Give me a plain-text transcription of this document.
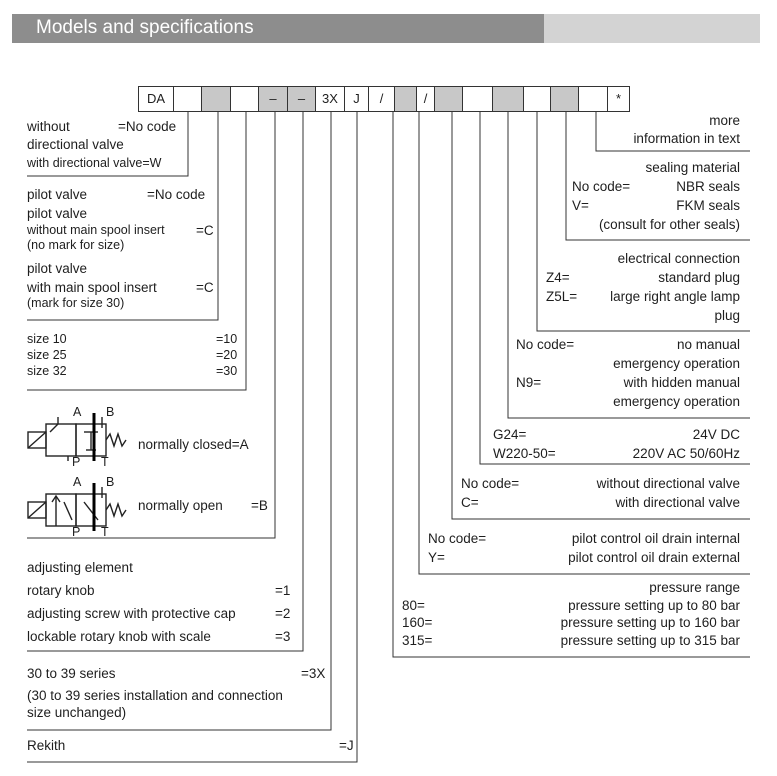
Models and specifications
DA	–	–	3X	J	/	/	*
without	=No code
directional valve
with directional valve=W
pilot valve	=No code
pilot valve
without main spool insert =C
(no mark for size)
pilot valve
with main spool insert	=C
(mark for size 30)
size 10	=10
size 25	=20
size 32	=30
A B
P T
normally closed=A
A B
P T
normally open =B
adjusting element
rotary knob	=1
adjusting screw with protective cap	=2
lockable rotary knob with scale	=3
30 to 39 series	=3X
(30 to 39 series installation and connection
size unchanged)
Rekith	=J
more
information in text
sealing material
No code=	NBR seals
V=	FKM seals
(consult for other seals)
electrical connection
Z4=	standard plug
Z5L= large right angle lamp
plug
No code=	no manual
emergency operation
N9=	with hidden manual
emergency operation
G24=	24V DC
W220-50=	220V AC 50/60Hz
No code=	without directional valve
C=	with directional valve
No code=	pilot control oil drain internal
Y=	pilot control oil drain external
pressure range
80=	pressure setting up to 80 bar
160=	pressure setting up to 160 bar
315=	pressure setting up to 315 bar
